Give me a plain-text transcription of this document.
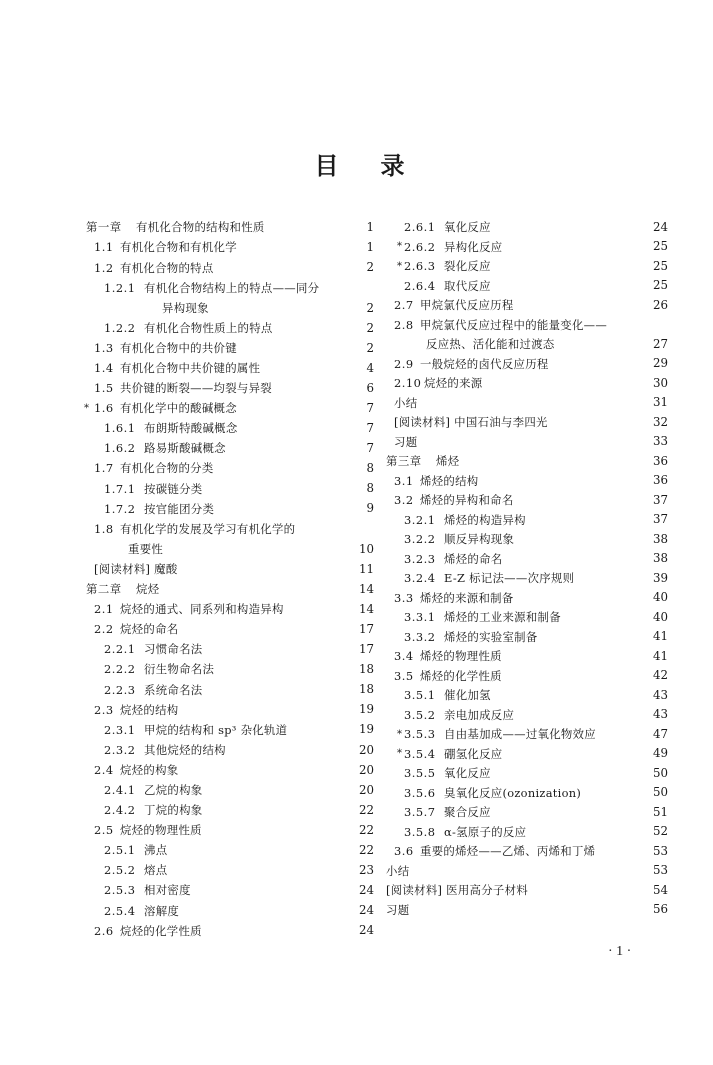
目 录
第一章	有机化合物的结构和性质	1
1.1 有机化合物和有机化学	1
1.2 有机化合物的特点	2
1.2.1 有机化合物结构上的特点——同分
异构现象	2
1.2.2 有机化合物性质上的特点	2
1.3 有机化合物中的共价键	2
1.4 有机化合物中共价键的属性	4
1.5 共价键的断裂——均裂与异裂	6
* 1.6 有机化学中的酸碱概念	7
1.6.1 布朗斯特酸碱概念	7
1.6.2 路易斯酸碱概念	7
1.7 有机化合物的分类	8
1.7.1 按碳链分类	8
1.7.2 按官能团分类	9
1.8 有机化学的发展及学习有机化学的
重要性	10
[阅读材料] 魔酸	11
第二章	烷烃	14
2.1 烷烃的通式、同系列和构造异构	14
2.2 烷烃的命名	17
2.2.1 习惯命名法	17
2.2.2 衍生物命名法	18
2.2.3 系统命名法	18
2.3 烷烃的结构	19
2.3.1 甲烷的结构和 sp³ 杂化轨道	19
2.3.2 其他烷烃的结构	20
2.4 烷烃的构象	20
2.4.1 乙烷的构象	20
2.4.2 丁烷的构象	22
2.5 烷烃的物理性质	22
2.5.1 沸点	22
2.5.2 熔点	23
2.5.3 相对密度	24
2.5.4 溶解度	24
2.6 烷烃的化学性质	24
2.6.1 氧化反应	24
* 2.6.2 异构化反应	25
* 2.6.3 裂化反应	25
2.6.4 取代反应	25
2.7 甲烷氯代反应历程	26
2.8 甲烷氯代反应过程中的能量变化——
反应热、活化能和过渡态	27
2.9 一般烷烃的卤代反应历程	29
2.10 烷烃的来源	30
小结	31
[阅读材料] 中国石油与李四光	32
习题	33
第三章	烯烃	36
3.1 烯烃的结构	36
3.2 烯烃的异构和命名	37
3.2.1 烯烃的构造异构	37
3.2.2 顺反异构现象	38
3.2.3 烯烃的命名	38
3.2.4 E-Z 标记法——次序规则	39
3.3 烯烃的来源和制备	40
3.3.1 烯烃的工业来源和制备	40
3.3.2 烯烃的实验室制备	41
3.4 烯烃的物理性质	41
3.5 烯烃的化学性质	42
3.5.1 催化加氢	43
3.5.2 亲电加成反应	43
* 3.5.3 自由基加成——过氧化物效应	47
* 3.5.4 硼氢化反应	49
3.5.5 氧化反应	50
3.5.6 臭氧化反应(ozonization)	50
3.5.7 聚合反应	51
3.5.8 α-氢原子的反应	52
3.6 重要的烯烃——乙烯、丙烯和丁烯	53
小结	53
[阅读材料] 医用高分子材料	54
习题	56
· 1 ·
